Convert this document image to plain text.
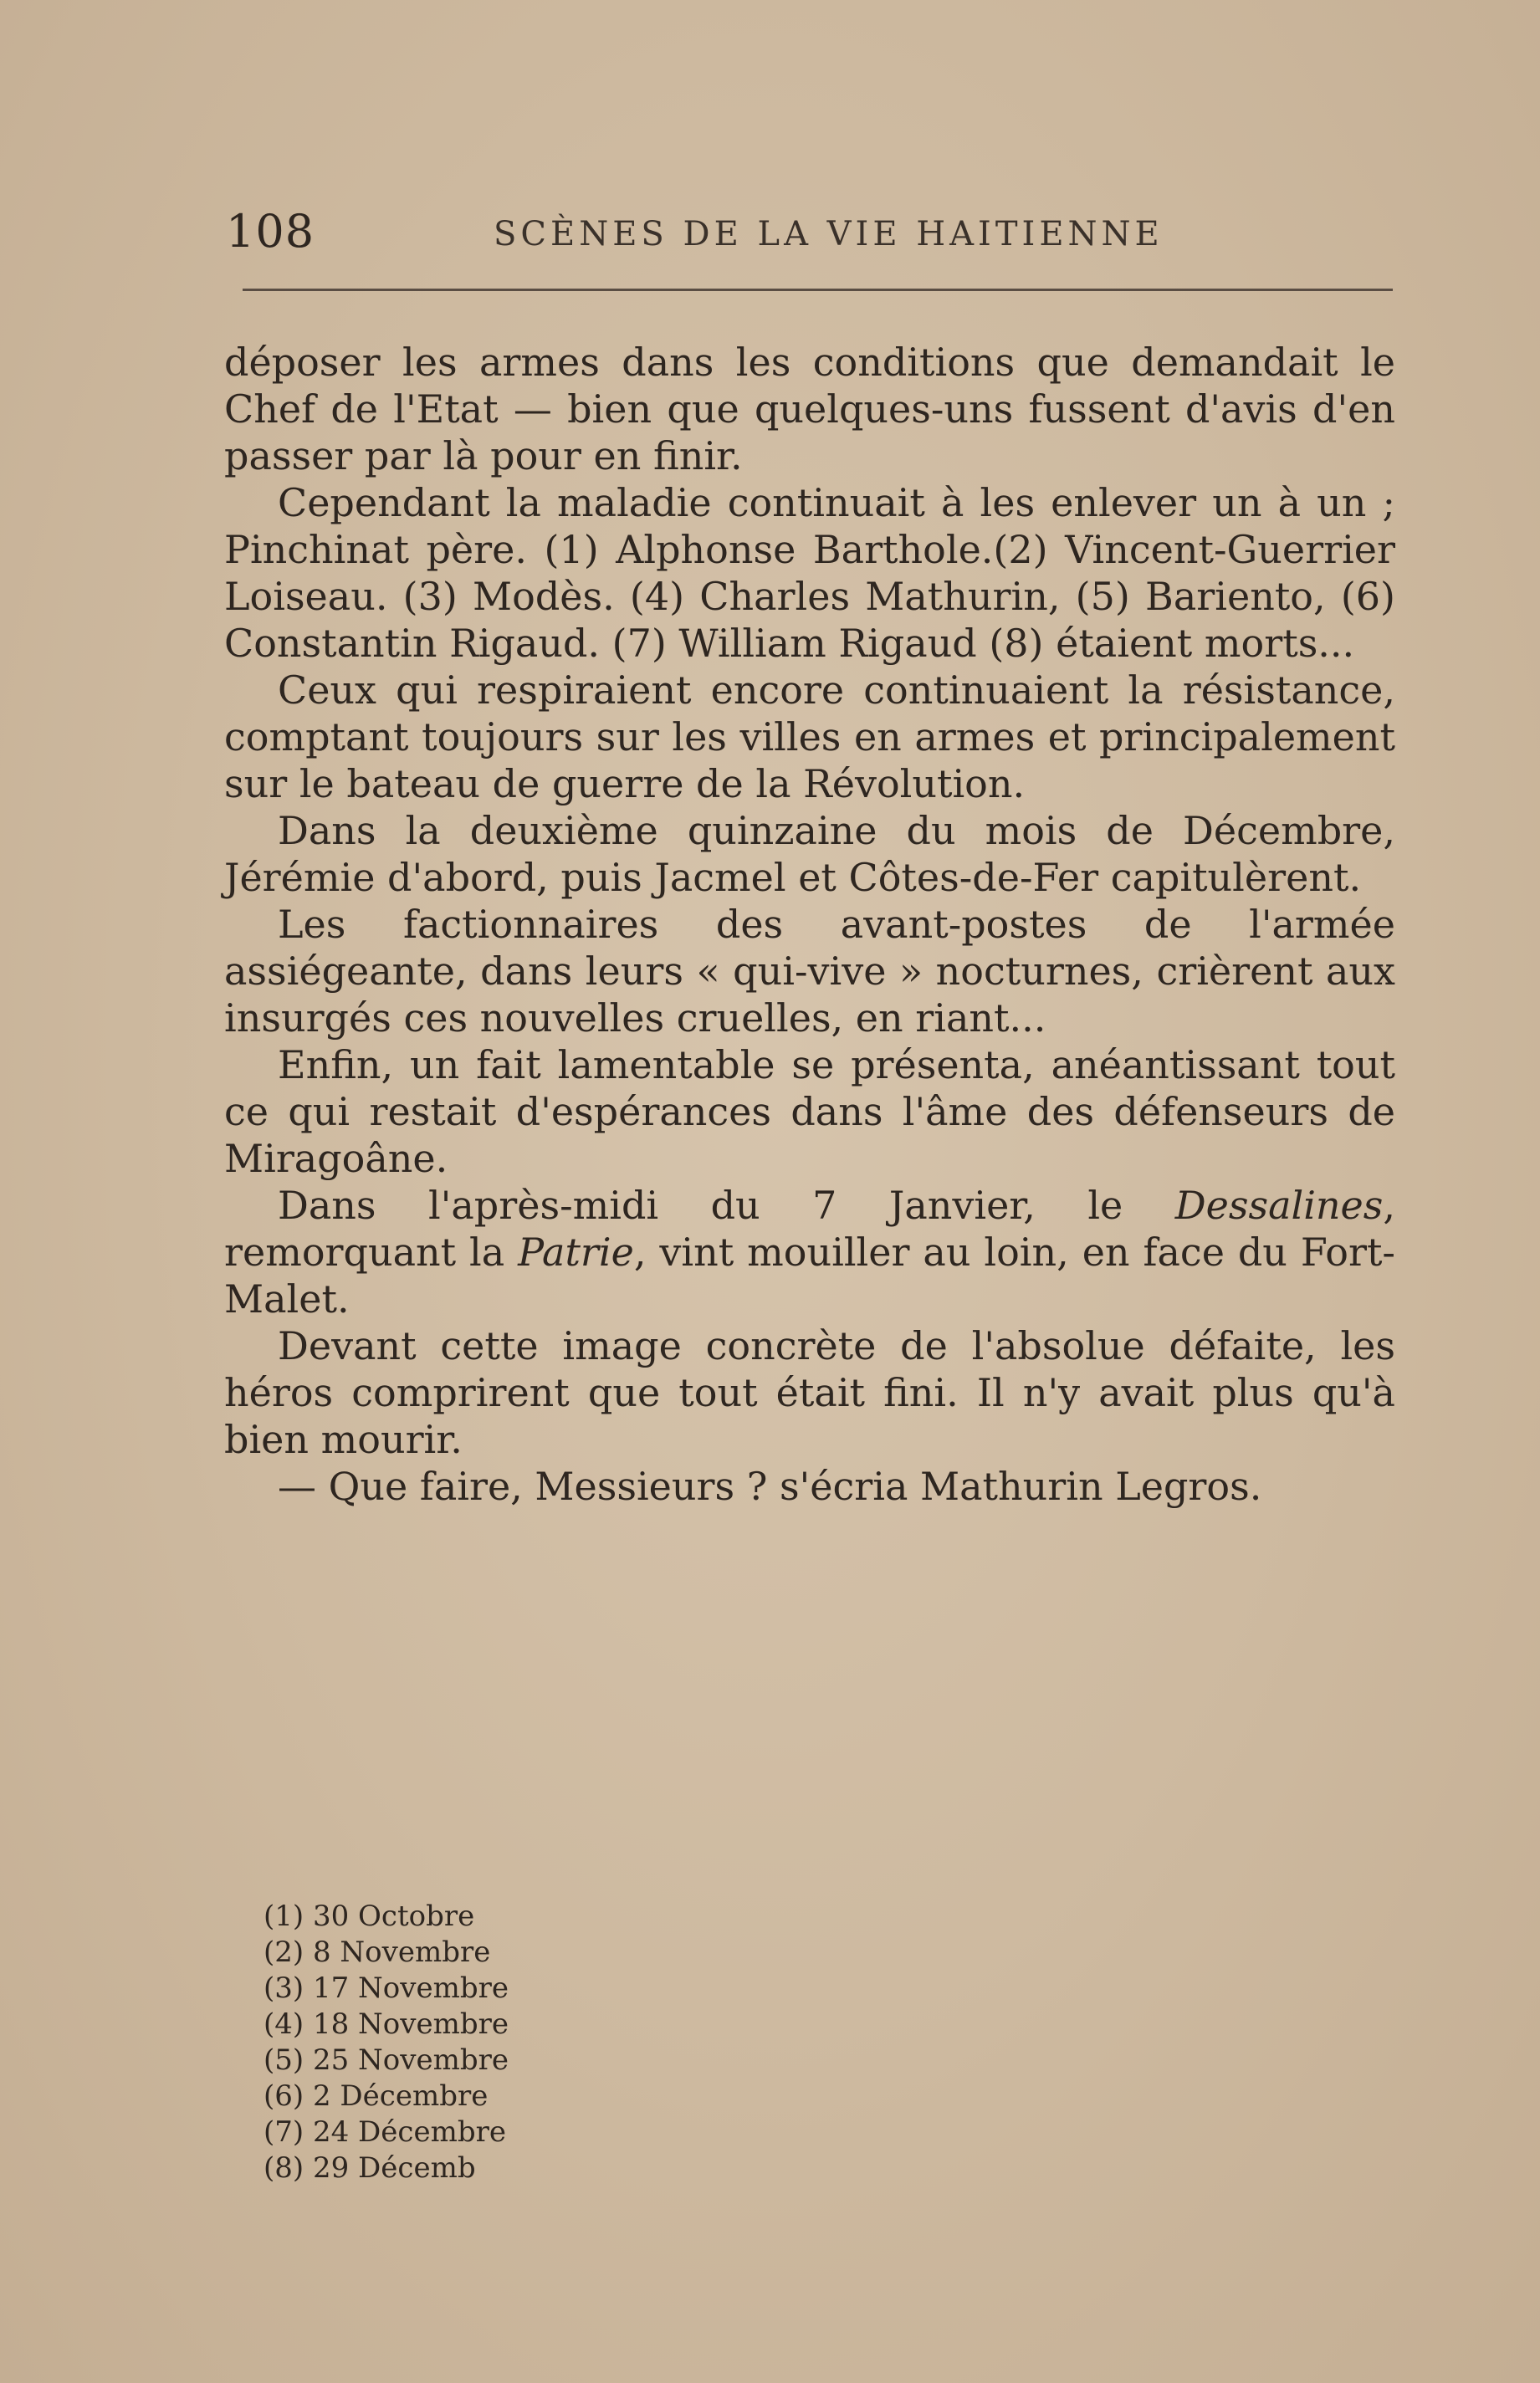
108	SCÈNES DE LA VIE HAITIENNE

déposer les armes dans les conditions que demandait le Chef de l'Etat — bien que quelques-uns fussent d'avis d'en passer par là pour en finir.

Cependant la maladie continuait à les enlever un à un ; Pinchinat père. (1) Alphonse Barthole.(2) Vincent-Guerrier Loiseau. (3) Modès. (4) Charles Mathurin, (5) Bariento, (6) Constantin Rigaud. (7) William Rigaud (8) étaient morts...

Ceux qui respiraient encore continuaient la résistance, comptant toujours sur les villes en armes et principalement sur le bateau de guerre de la Révolution.

Dans la deuxième quinzaine du mois de Décembre, Jérémie d'abord, puis Jacmel et Côtes-de-Fer capitulèrent.

Les factionnaires des avant-postes de l'armée assiégeante, dans leurs « qui-vive » nocturnes, crièrent aux insurgés ces nouvelles cruelles, en riant...

Enfin, un fait lamentable se présenta, anéantissant tout ce qui restait d'espérances dans l'âme des défenseurs de Miragoâne.

Dans l'après-midi du 7 Janvier, le Dessalines, remorquant la Patrie, vint mouiller au loin, en face du Fort-Malet.

Devant cette image concrète de l'absolue défaite, les héros comprirent que tout était fini. Il n'y avait plus qu'à bien mourir.

— Que faire, Messieurs ? s'écria Mathurin Legros.

(1) 30 Octobre
(2) 8 Novembre
(3) 17 Novembre
(4) 18 Novembre
(5) 25 Novembre
(6) 2 Décembre
(7) 24 Décembre
(8) 29 Décemb
